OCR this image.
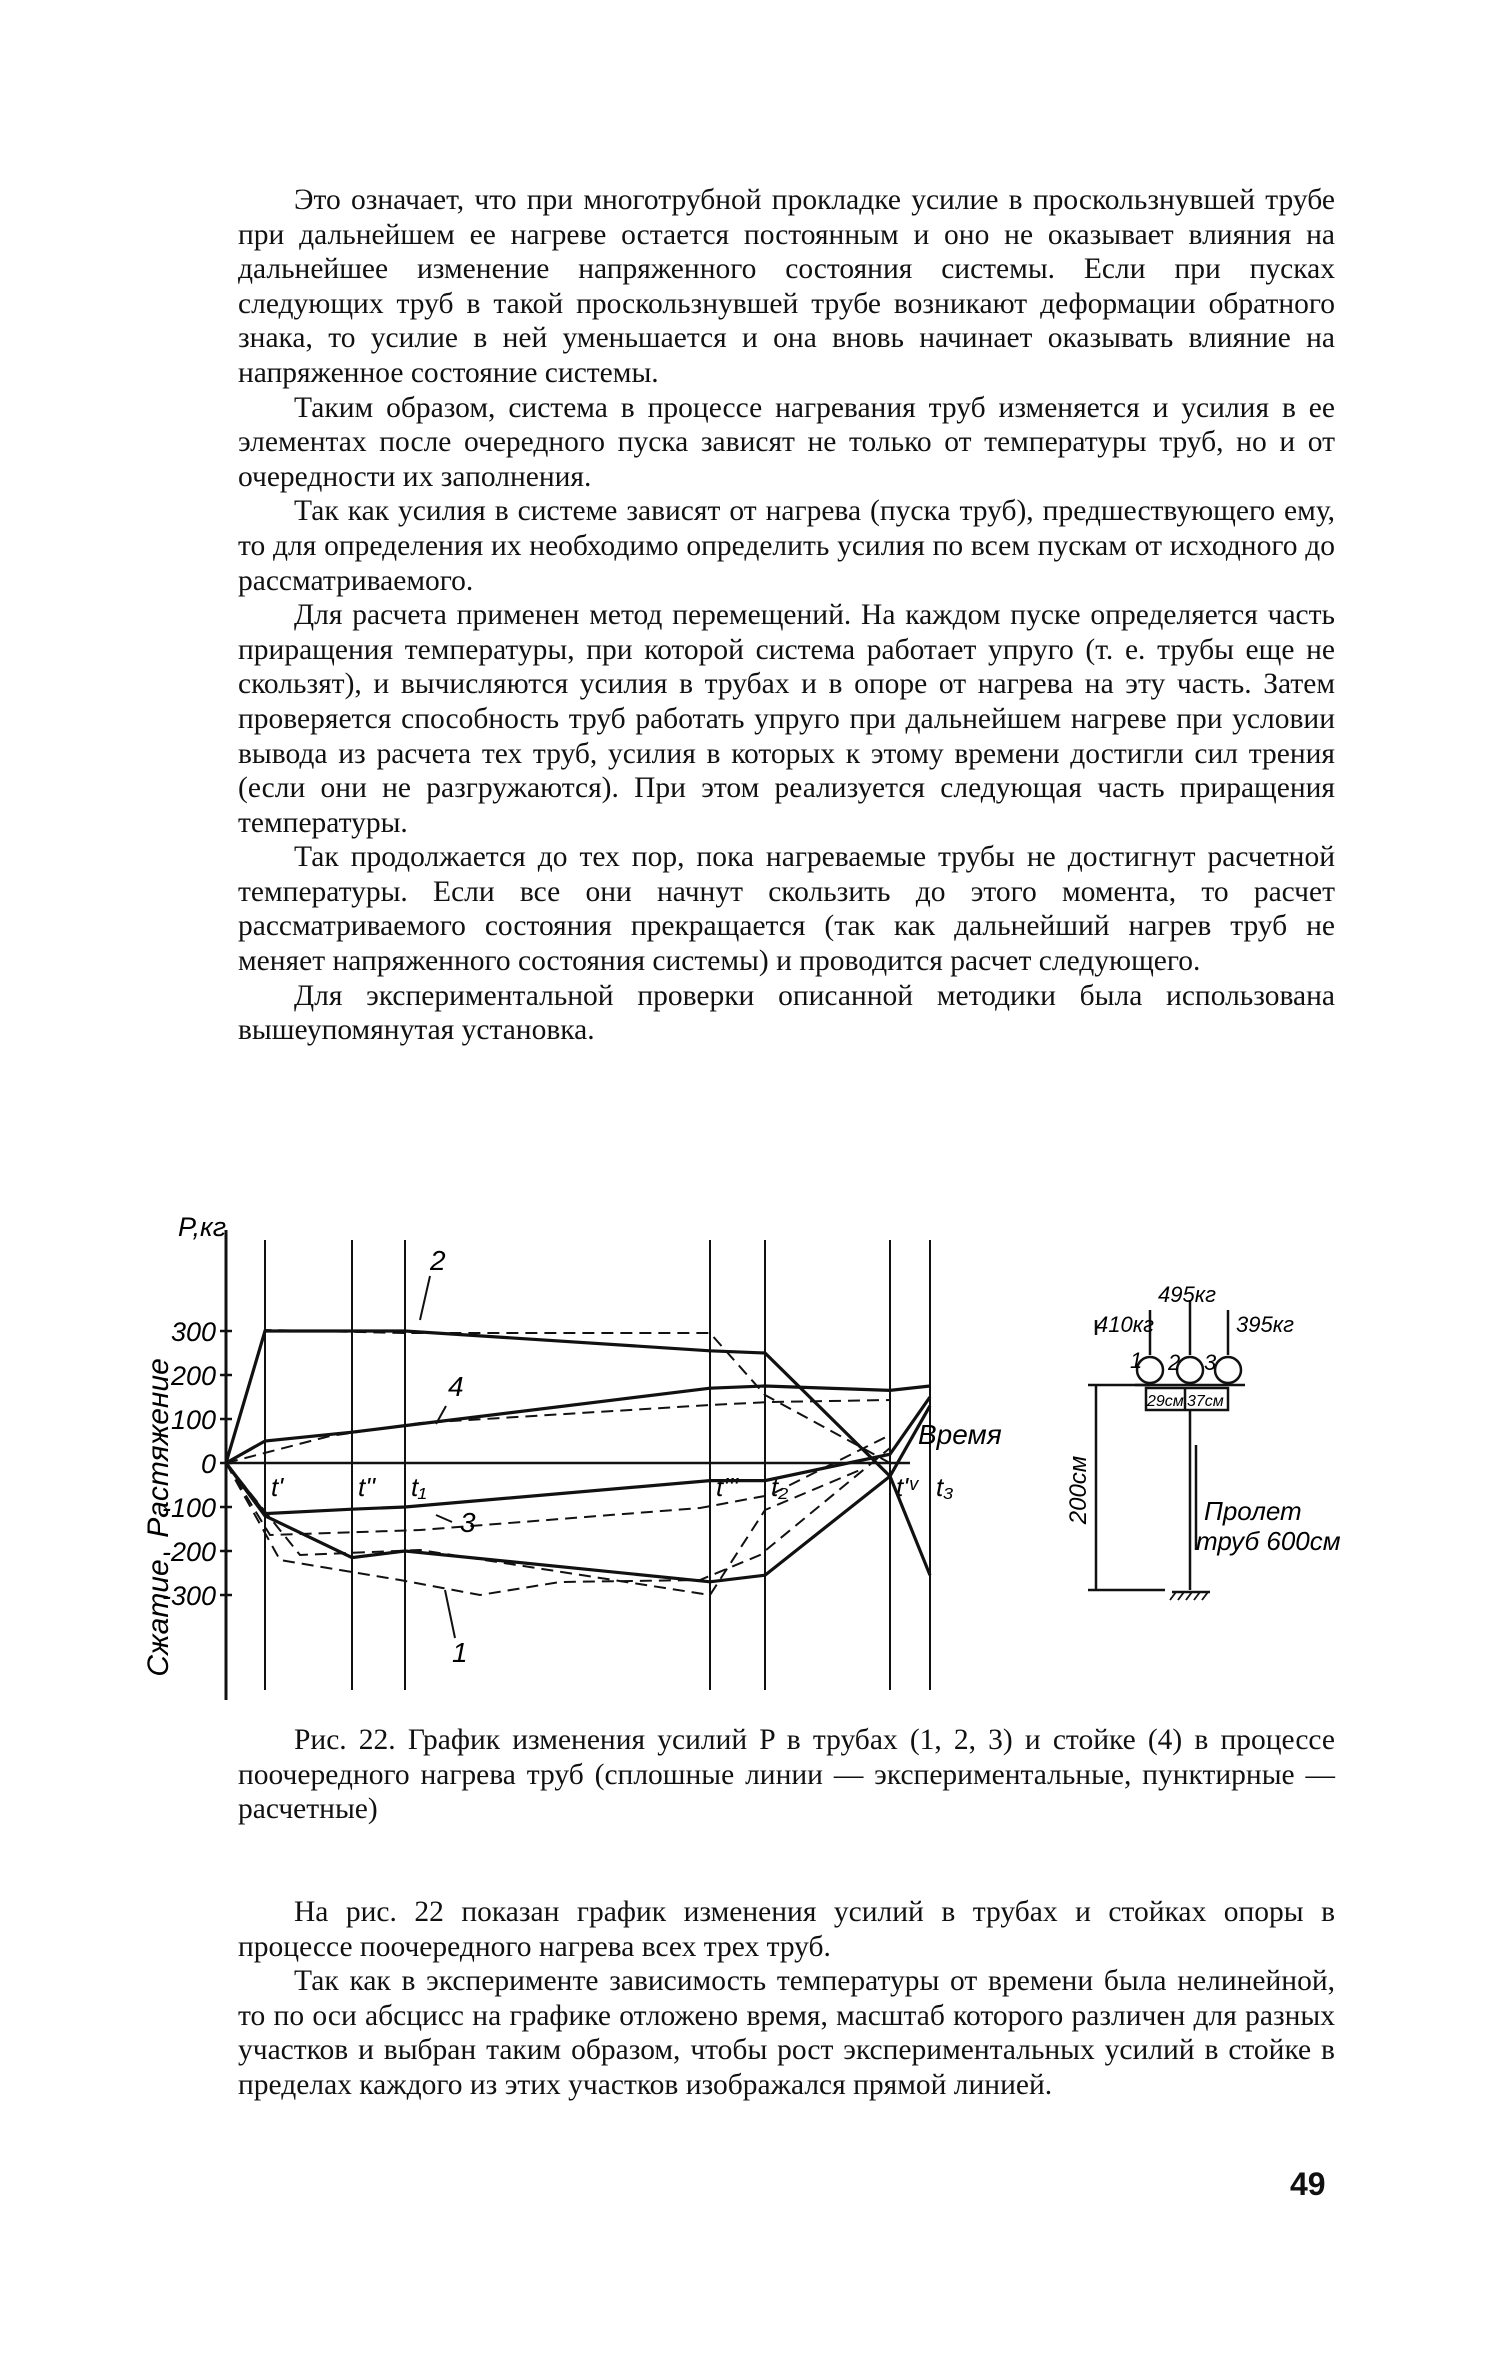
Это означает, что при многотрубной прокладке усилие в проскользнувшей трубе при дальнейшем ее нагреве остается постоянным и оно не оказывает влияния на дальнейшее изменение напряженного состояния системы. Если при пусках следующих труб в такой проскользнувшей трубе возникают деформации обратного знака, то усилие в ней уменьшается и она вновь начинает оказывать влияние на напряженное состояние системы.

Таким образом, система в процессе нагревания труб изменяется и усилия в ее элементах после очередного пуска зависят не только от температуры труб, но и от очередности их заполнения.

Так как усилия в системе зависят от нагрева (пуска труб), предшествующего ему, то для определения их необходимо определить усилия по всем пускам от исходного до рассматриваемого.

Для расчета применен метод перемещений. На каждом пуске определяется часть приращения температуры, при которой система работает упруго (т. е. трубы еще не скользят), и вычисляются усилия в трубах и в опоре от нагрева на эту часть. Затем проверяется способность труб работать упруго при дальнейшем нагреве при условии вывода из расчета тех труб, усилия в которых к этому времени достигли сил трения (если они не разгружаются). При этом реализуется следующая часть приращения температуры.

Так продолжается до тех пор, пока нагреваемые трубы не достигнут расчетной температуры. Если все они начнут скользить до этого момента, то расчет рассматриваемого состояния прекращается (так как дальнейший нагрев труб не меняет напряженного состояния системы) и проводится расчет следующего.

Для экспериментальной проверки описанной методики была использована вышеупомянутая установка.

Растяжение
Сжатие
P,кг
300
200
100
0
-100
-200
-300
t'	t'' t₁	t''' t₂	t'ᵛ t₃
Время
2
4
3
1
410кг
495кг
395кг
1 2 3
29см 37см
200см	Пролет
труб 600см
Рис. 22. График изменения усилий P в трубах (1, 2, 3) и стойке (4) в процессе поочередного нагрева труб (сплошные линии — экспериментальные, пунктирные — расчетные)

На рис. 22 показан график изменения усилий в трубах и стойках опоры в процессе поочередного нагрева всех трех труб.

Так как в эксперименте зависимость температуры от времени была нелинейной, то по оси абсцисс на графике отложено время, масштаб которого различен для разных участков и выбран таким образом, чтобы рост экспериментальных усилий в стойке в пределах каждого из этих участков изображался прямой линией.

49
